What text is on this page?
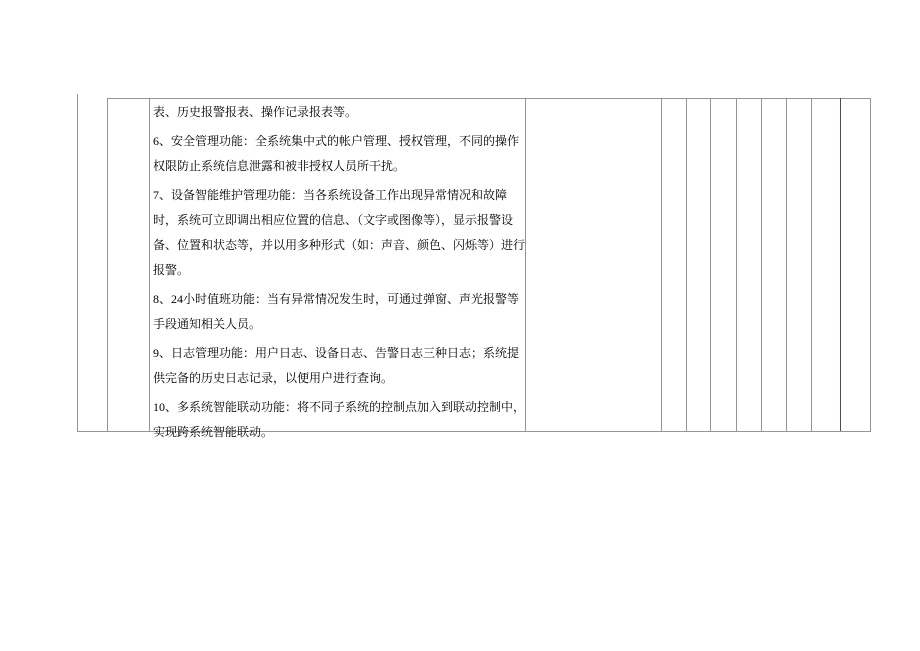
表、历史报警报表、操作记录报表等。
6、安全管理功能：全系统集中式的帐户管理、授权管理，不同的操作
权限防止系统信息泄露和被非授权人员所干扰。
7、设备智能维护管理功能：当各系统设备工作出现异常情况和故障
时，系统可立即调出相应位置的信息、（文字或图像等），显示报警设
备、位置和状态等，并以用多种形式（如：声音、颜色、闪烁等）进行
报警。
8、24小时值班功能：当有异常情况发生时，可通过弹窗、声光报警等
手段通知相关人员。
9、日志管理功能：用户日志、设备日志、告警日志三种日志；系统提
供完备的历史日志记录，以便用户进行查询。
10、多系统智能联动功能：将不同子系统的控制点加入到联动控制中，
实现跨系统智能联动。
